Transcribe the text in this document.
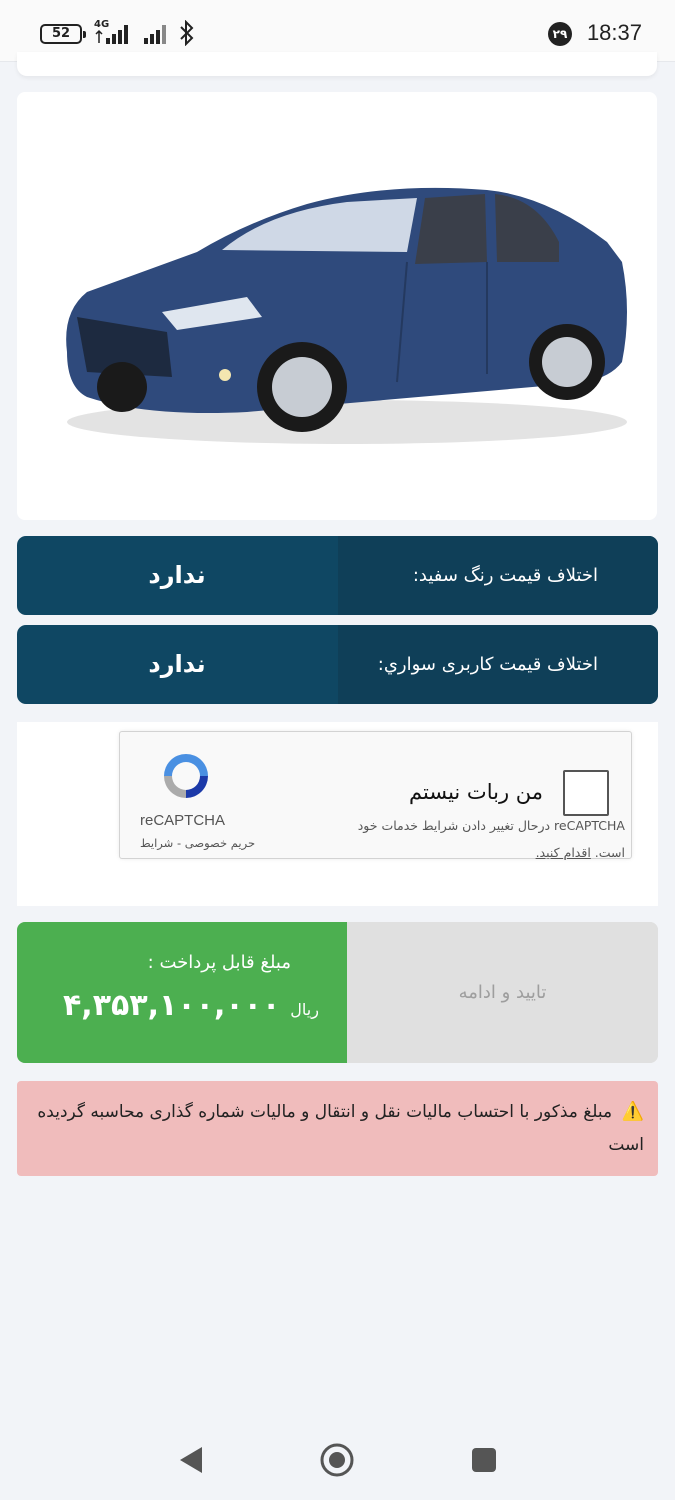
52
4G
۲۹ 18:37
اختلاف قیمت رنگ سفید:
ندارد
اختلاف قیمت کاربری سواري:
ندارد
من ربات نیستم
reCAPTCHA درحال تغییر دادن شرایط خدمات خود
است. اقدام کنید.
reCAPTCHA
حریم خصوصی - شرایط
مبلغ قابل پرداخت :
ریال
۴,۳۵۳,۱۰۰,۰۰۰	تایید و ادامه
⚠️ مبلغ مذکور با احتساب مالیات نقل و انتقال و مالیات شماره گذاری محاسبه گردیده است
